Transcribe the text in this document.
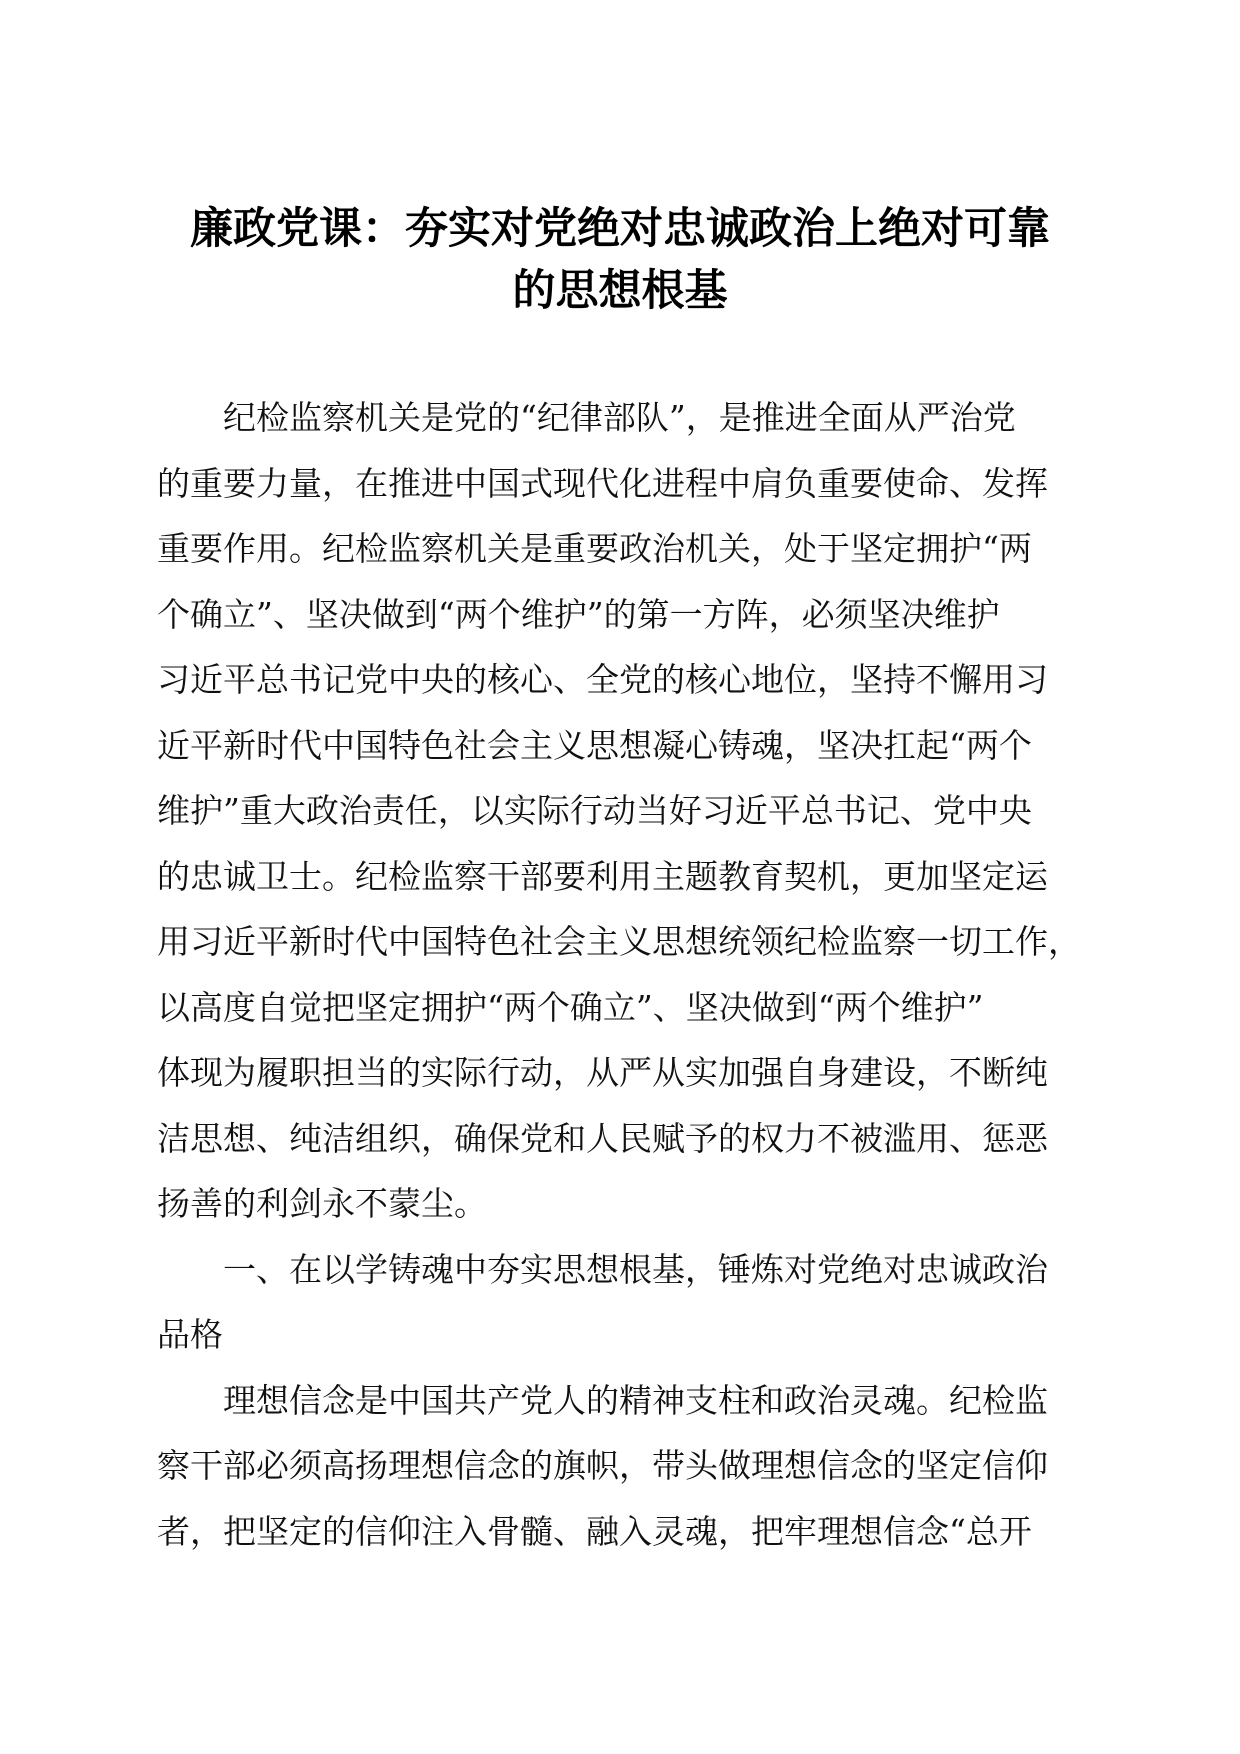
廉政党课：夯实对党绝对忠诚政治上绝对可靠
的思想根基
纪检监察机关是党的“纪律部队”，是推进全面从严治党
的重要力量，在推进中国式现代化进程中肩负重要使命、发挥
重要作用。纪检监察机关是重要政治机关，处于坚定拥护“两
个确立”、坚决做到“两个维护”的第一方阵，必须坚决维护
习近平总书记党中央的核心、全党的核心地位，坚持不懈用习
近平新时代中国特色社会主义思想凝心铸魂，坚决扛起“两个
维护”重大政治责任，以实际行动当好习近平总书记、党中央
的忠诚卫士。纪检监察干部要利用主题教育契机，更加坚定运
用习近平新时代中国特色社会主义思想统领纪检监察一切工作，
以高度自觉把坚定拥护“两个确立”、坚决做到“两个维护”
体现为履职担当的实际行动，从严从实加强自身建设，不断纯
洁思想、纯洁组织，确保党和人民赋予的权力不被滥用、惩恶
扬善的利剑永不蒙尘。
一、在以学铸魂中夯实思想根基，锤炼对党绝对忠诚政治
品格
理想信念是中国共产党人的精神支柱和政治灵魂。纪检监
察干部必须高扬理想信念的旗帜，带头做理想信念的坚定信仰
者，把坚定的信仰注入骨髓、融入灵魂，把牢理想信念“总开
